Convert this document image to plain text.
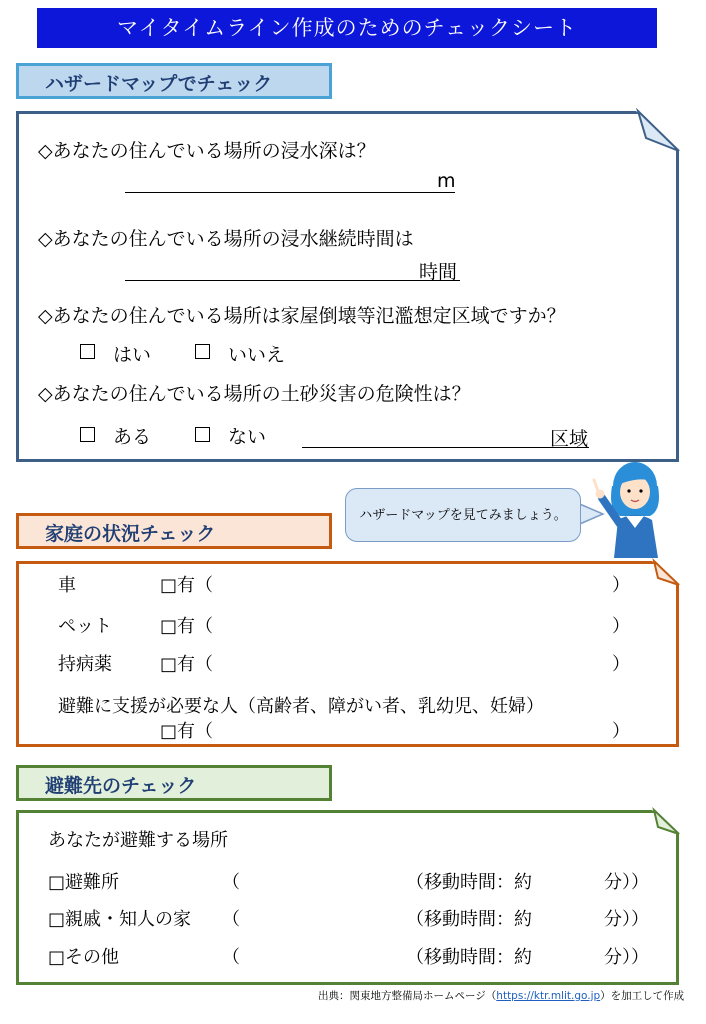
マイタイムライン作成のためのチェックシート
ハザードマップでチェック
◇あなたの住んでいる場所の浸水深は？
m
◇あなたの住んでいる場所の浸水継続時間は
時間
◇あなたの住んでいる場所は家屋倒壊等氾濫想定区域ですか？
はい	いいえ
◇あなたの住んでいる場所の土砂災害の危険性は？
ある	ない	区域
ハザードマップを見てみましょう。
家庭の状況チェック
車	□有（	）
ペット	□有（	）
持病薬	□有（	）
避難に支援が必要な人（高齢者、障がい者、乳幼児、妊婦）
□有（	）
避難先のチェック
あなたが避難する場所
□避難所	（	（移動時間：約	分））
□親戚・知人の家 （	（移動時間：約	分））
□その他	（	（移動時間：約	分））
出典：関東地方整備局ホームページ（https://ktr.mlit.go.jp）を加工して作成
